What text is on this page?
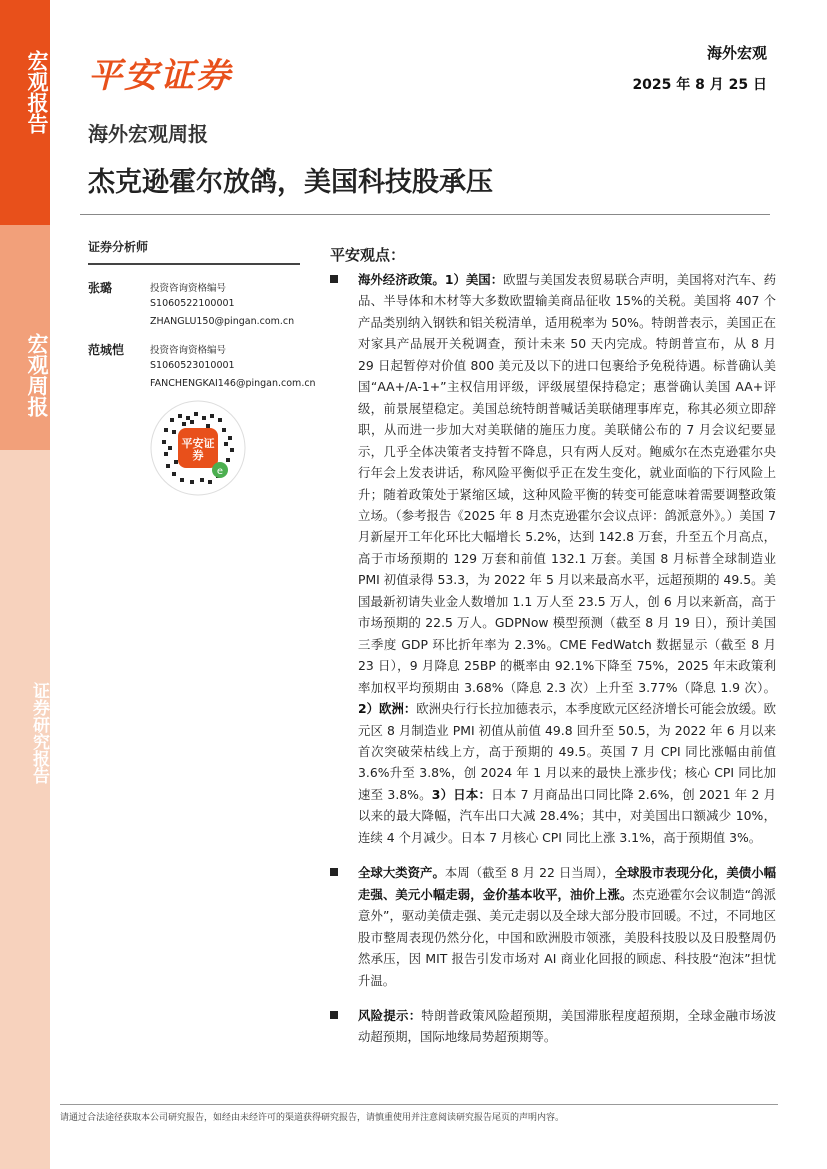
宏观报告
宏观周报
证券研究报告
平安证券
海外宏观
2025 年 8 月 25 日
海外宏观周报
杰克逊霍尔放鸽，美国科技股承压
证券分析师
张璐	投资咨询资格编号
S1060522100001
ZHANGLU150@pingan.com.cn
范城恺	投资咨询资格编号
S1060523010001
FANCHENGKAI146@pingan.com.cn
e
平安证券
平安观点：
海外经济政策。1）美国：欧盟与美国发表贸易联合声明，美国将对汽车、药品、半导体和木材等大多数欧盟输美商品征收 15%的关税。美国将 407 个产品类别纳入钢铁和铝关税清单，适用税率为 50%。特朗普表示，美国正在对家具产品展开关税调查，预计未来 50 天内完成。特朗普宣布，从 8 月 29 日起暂停对价值 800 美元及以下的进口包裹给予免税待遇。标普确认美国“AA+/A-1+”主权信用评级，评级展望保持稳定；惠誉确认美国 AA+评级，前景展望稳定。美国总统特朗普喊话美联储理事库克，称其必须立即辞职，从而进一步加大对美联储的施压力度。美联储公布的 7 月会议纪要显示，几乎全体决策者支持暂不降息，只有两人反对。鲍威尔在杰克逊霍尔央行年会上发表讲话，称风险平衡似乎正在发生变化，就业面临的下行风险上升；随着政策处于紧缩区域，这种风险平衡的转变可能意味着需要调整政策立场。（参考报告《2025 年 8 月杰克逊霍尔会议点评：鸽派意外》。）美国 7月新屋开工年化环比大幅增长 5.2%，达到 142.8 万套，升至五个月高点，高于市场预期的 129 万套和前值 132.1 万套。美国 8 月标普全球制造业 PMI 初值录得 53.3，为 2022 年 5 月以来最高水平，远超预期的 49.5。美国最新初请失业金人数增加 1.1 万人至 23.5 万人，创 6 月以来新高，高于市场预期的 22.5 万人。GDPNow 模型预测（截至 8 月 19 日），预计美国三季度 GDP 环比折年率为 2.3%。CME FedWatch 数据显示（截至 8 月 23 日），9 月降息 25BP 的概率由 92.1%下降至 75%，2025 年末政策利率加权平均预期由 3.68%（降息 2.3 次）上升至 3.77%（降息 1.9 次）。2）欧洲：欧洲央行行长拉加德表示，本季度欧元区经济增长可能会放缓。欧元区 8 月制造业 PMI 初值从前值 49.8 回升至 50.5，为 2022 年 6 月以来首次突破荣枯线上方，高于预期的 49.5。英国 7 月 CPI 同比涨幅由前值 3.6%升至 3.8%，创 2024 年 1 月以来的最快上涨步伐；核心 CPI 同比加速至 3.8%。3）日本：日本 7 月商品出口同比降 2.6%，创 2021 年 2 月以来的最大降幅，汽车出口大减 28.4%；其中，对美国出口额减少 10%，连续 4 个月减少。日本 7 月核心 CPI 同比上涨 3.1%，高于预期值 3%。
全球大类资产。本周（截至 8 月 22 日当周），全球股市表现分化，美债小幅走强、美元小幅走弱，金价基本收平，油价上涨。杰克逊霍尔会议制造“鸽派意外”，驱动美债走强、美元走弱以及全球大部分股市回暖。不过，不同地区股市整周表现仍然分化，中国和欧洲股市领涨，美股科技股以及日股整周仍然承压，因 MIT 报告引发市场对 AI 商业化回报的顾虑、科技股“泡沫”担忧升温。
风险提示：特朗普政策风险超预期，美国滞胀程度超预期，全球金融市场波动超预期，国际地缘局势超预期等。
请通过合法途径获取本公司研究报告，如经由未经许可的渠道获得研究报告，请慎重使用并注意阅读研究报告尾页的声明内容。
